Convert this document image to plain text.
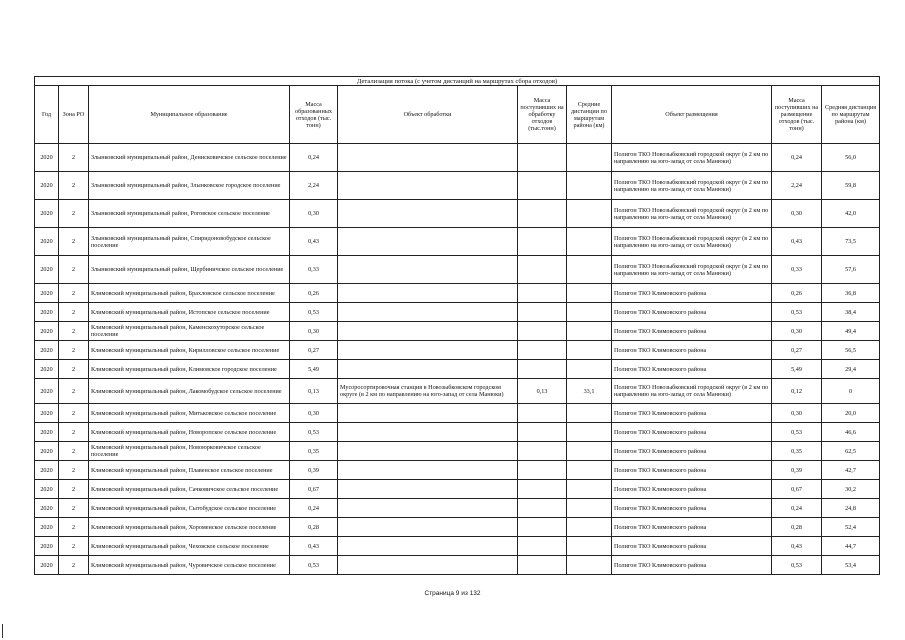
Детализация потока (с учетом дистанций на маршрутах сбора отходов)									
Год	Зона РО	Муниципальное образование	Масса образованных отходов (тыс. тонн)	Объект обработки	Масса поступивших на обработку отходов (тыс.тонн)	Средние дистанции по маршрутам района (км)	Объект размещения	Масса поступивших на размещение отходов (тыс. тонн)	Средняя дистанция по маршрутам района (км)
2020	2	Злынковский муниципальный район, Денисковичское сельское поселение	0,24				Полигон ТКО Новозыбковский городской округ (в 2 км по направлению на юго-запад от села Манюки)	0,24	56,0
2020	2	Злынковский муниципальный район, Злынковское городское поселение	2,24				Полигон ТКО Новозыбковский городской округ (в 2 км по направлению на юго-запад от села Манюки)	2,24	59,8
2020	2	Злынковский муниципальный район, Роговское сельское поселение	0,30				Полигон ТКО Новозыбковский городской округ (в 2 км по направлению на юго-запад от села Манюки)	0,30	42,0
2020	2	Злынковский муниципальный район, Спиридоновобудское сельское поселение	0,43				Полигон ТКО Новозыбковский городской округ (в 2 км по направлению на юго-запад от села Манюки)	0,43	73,5
2020	2	Злынковский муниципальный район, Щербиничское сельское поселение	0,33				Полигон ТКО Новозыбковский городской округ (в 2 км по направлению на юго-запад от села Манюки)	0,33	57,6
2020	2	Климовский муниципальный район, Брахловское сельское поселение	0,26				Полигон ТКО Климовского района	0,26	36,8
2020	2	Климовский муниципальный район, Истопское сельское поселение	0,53				Полигон ТКО Климовского района	0,53	38,4
2020	2	Климовский муниципальный район, Каменскохуторское сельское поселение	0,30				Полигон ТКО Климовского района	0,30	49,4
2020	2	Климовский муниципальный район, Кирилловское сельское поселение	0,27				Полигон ТКО Климовского района	0,27	56,5
2020	2	Климовский муниципальный район, Климовское городское поселение	5,49				Полигон ТКО Климовского района	5,49	29,4
2020	2	Климовский муниципальный район, Лакомобудское сельское поселение	0,13	Мусоросортировочная станция в Новозыбковском городском округе (в 2 км по направлению на юго-запад от села Манюки)	0,13	33,1	Полигон ТКО Новозыбковский городской округ (в 2 км по направлению на юго-запад от села Манюки)	0,12	0
2020	2	Климовский муниципальный район, Митьковское сельское поселение	0,30				Полигон ТКО Климовского района	0,30	20,0
2020	2	Климовский муниципальный район, Новоропское сельское поселение	0,53				Полигон ТКО Климовского района	0,53	46,6
2020	2	Климовский муниципальный район, Новоюрковичское сельское поселение	0,35				Полигон ТКО Климовского района	0,35	62,5
2020	2	Климовский муниципальный район, Плавенское сельское поселение	0,39				Полигон ТКО Климовского района	0,39	42,7
2020	2	Климовский муниципальный район, Сачковичское сельское поселение	0,67				Полигон ТКО Климовского района	0,67	30,2
2020	2	Климовский муниципальный район, Сытобудское сельское поселение	0,24				Полигон ТКО Климовского района	0,24	24,8
2020	2	Климовский муниципальный район, Хороменское сельское поселение	0,28				Полигон ТКО Климовского района	0,28	52,4
2020	2	Климовский муниципальный район, Чеховское сельское поселение	0,43				Полигон ТКО Климовского района	0,43	44,7
2020	2	Климовский муниципальный район, Чуровичское сельское поселение	0,53				Полигон ТКО Климовского района	0,53	53,4
Страница 9 из 132
